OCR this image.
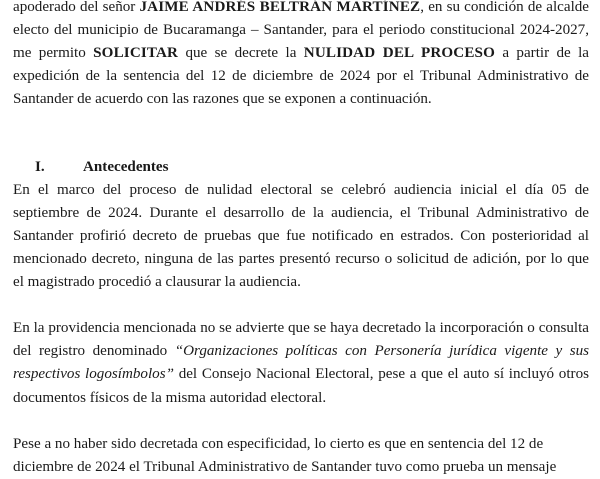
apoderado del señor JAIME ANDRÉS BELTRÁN MARTÍNEZ, en su condición de alcalde electo del municipio de Bucaramanga – Santander, para el periodo constitucional 2024-2027, me permito SOLICITAR que se decrete la NULIDAD DEL PROCESO a partir de la expedición de la sentencia del 12 de diciembre de 2024 por el Tribunal Administrativo de Santander de acuerdo con las razones que se exponen a continuación.

I.	Antecedentes

En el marco del proceso de nulidad electoral se celebró audiencia inicial el día 05 de septiembre de 2024. Durante el desarrollo de la audiencia, el Tribunal Administrativo de Santander profirió decreto de pruebas que fue notificado en estrados. Con posterioridad al mencionado decreto, ninguna de las partes presentó recurso o solicitud de adición, por lo que el magistrado procedió a clausurar la audiencia.

En la providencia mencionada no se advierte que se haya decretado la incorporación o consulta del registro denominado “Organizaciones políticas con Personería jurídica vigente y sus respectivos logosímbolos” del Consejo Nacional Electoral, pese a que el auto sí incluyó otros documentos físicos de la misma autoridad electoral.

Pese a no haber sido decretada con especificidad, lo cierto es que en sentencia del 12 de diciembre de 2024 el Tribunal Administrativo de Santander tuvo como prueba un mensaje
